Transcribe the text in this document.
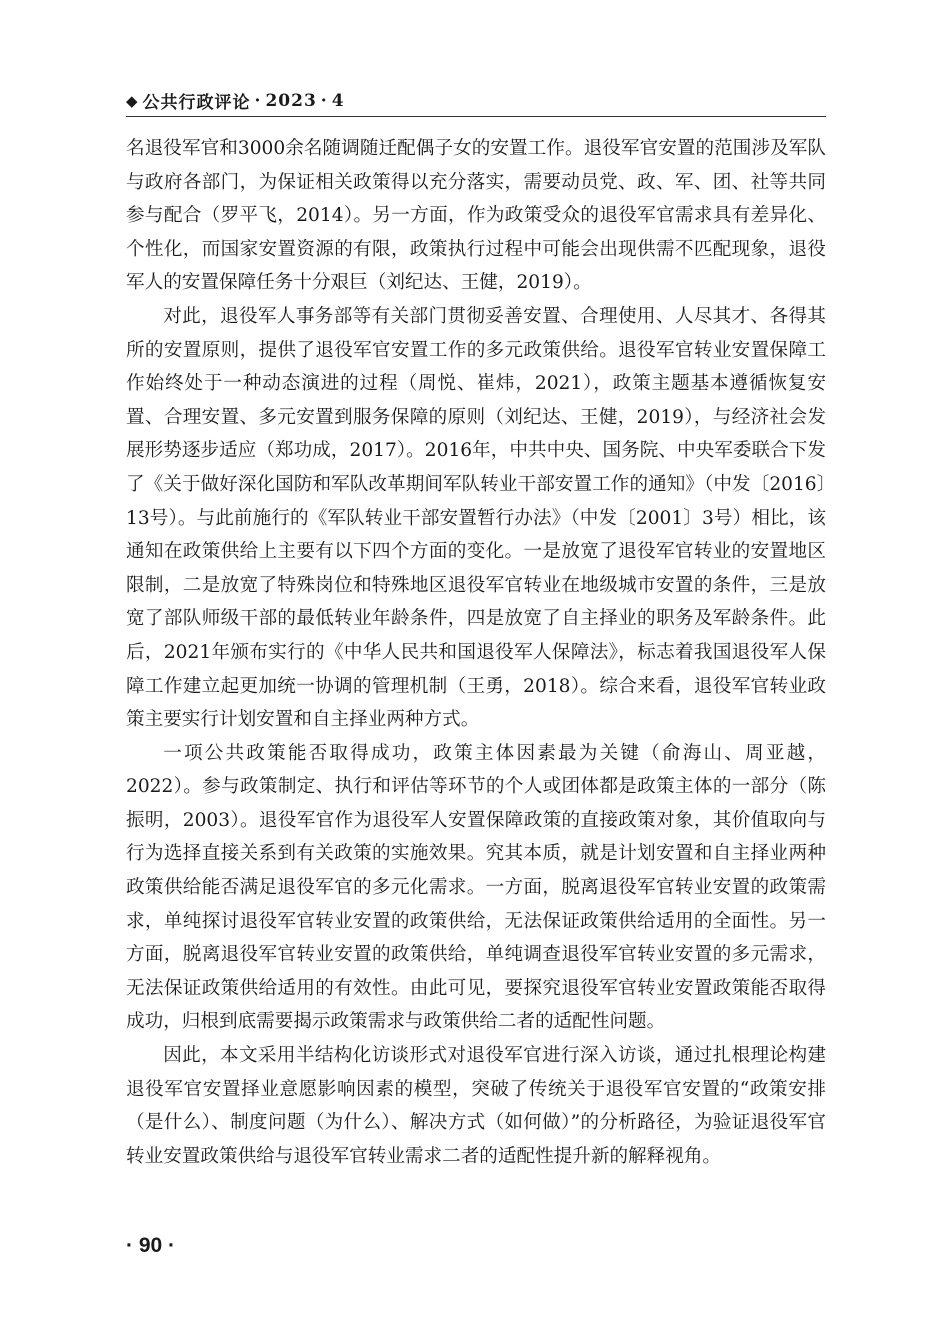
◆ 公共行政评论 · 2023 · 4

名退役军官和3000余名随调随迁配偶子女的安置工作。退役军官安置的范围涉及军队与政府各部门，为保证相关政策得以充分落实，需要动员党、政、军、团、社等共同参与配合（罗平飞，2014）。另一方面，作为政策受众的退役军官需求具有差异化、个性化，而国家安置资源的有限，政策执行过程中可能会出现供需不匹配现象，退役军人的安置保障任务十分艰巨（刘纪达、王健，2019）。

对此，退役军人事务部等有关部门贯彻妥善安置、合理使用、人尽其才、各得其所的安置原则，提供了退役军官安置工作的多元政策供给。退役军官转业安置保障工作始终处于一种动态演进的过程（周悦、崔炜，2021），政策主题基本遵循恢复安置、合理安置、多元安置到服务保障的原则（刘纪达、王健，2019），与经济社会发展形势逐步适应（郑功成，2017）。2016年，中共中央、国务院、中央军委联合下发了《关于做好深化国防和军队改革期间军队转业干部安置工作的通知》（中发〔2016〕13号）。与此前施行的《军队转业干部安置暂行办法》（中发〔2001〕3号）相比，该通知在政策供给上主要有以下四个方面的变化。一是放宽了退役军官转业的安置地区限制，二是放宽了特殊岗位和特殊地区退役军官转业在地级城市安置的条件，三是放宽了部队师级干部的最低转业年龄条件，四是放宽了自主择业的职务及军龄条件。此后，2021年颁布实行的《中华人民共和国退役军人保障法》，标志着我国退役军人保障工作建立起更加统一协调的管理机制（王勇，2018）。综合来看，退役军官转业政策主要实行计划安置和自主择业两种方式。

一项公共政策能否取得成功，政策主体因素最为关键（俞海山、周亚越，2022）。参与政策制定、执行和评估等环节的个人或团体都是政策主体的一部分（陈振明，2003）。退役军官作为退役军人安置保障政策的直接政策对象，其价值取向与行为选择直接关系到有关政策的实施效果。究其本质，就是计划安置和自主择业两种政策供给能否满足退役军官的多元化需求。一方面，脱离退役军官转业安置的政策需求，单纯探讨退役军官转业安置的政策供给，无法保证政策供给适用的全面性。另一方面，脱离退役军官转业安置的政策供给，单纯调查退役军官转业安置的多元需求，无法保证政策供给适用的有效性。由此可见，要探究退役军官转业安置政策能否取得成功，归根到底需要揭示政策需求与政策供给二者的适配性问题。

因此，本文采用半结构化访谈形式对退役军官进行深入访谈，通过扎根理论构建退役军官安置择业意愿影响因素的模型，突破了传统关于退役军官安置的“政策安排（是什么）、制度问题（为什么）、解决方式（如何做）”的分析路径，为验证退役军官转业安置政策供给与退役军官转业需求二者的适配性提升新的解释视角。

· 90 ·
